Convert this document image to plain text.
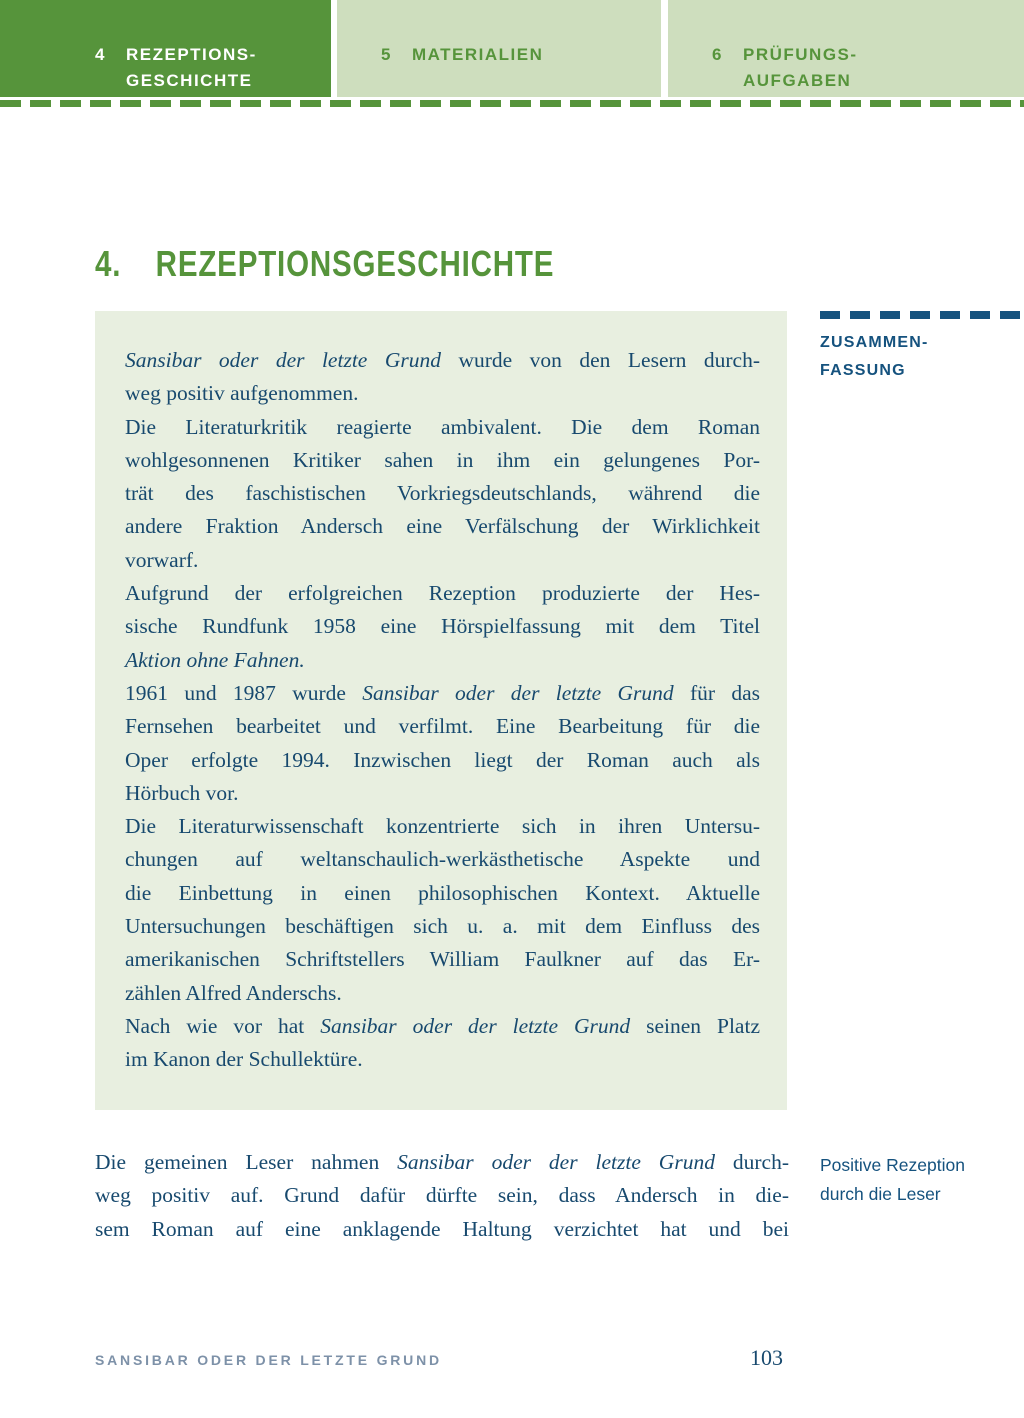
4	REZEPTIONS-
GESCHICHTE
5	MATERIALIEN	6	PRÜFUNGS-
AUFGABEN
4. REZEPTIONSGESCHICHTE
Sansibar oder der letzte Grund wurde von den Lesern durch-
weg positiv aufgenommen.
Die Literaturkritik reagierte ambivalent. Die dem Roman
wohlgesonnenen Kritiker sahen in ihm ein gelungenes Por-
trät des faschistischen Vorkriegsdeutschlands, während die
andere Fraktion Andersch eine Verfälschung der Wirklichkeit
vorwarf.
Aufgrund der erfolgreichen Rezeption produzierte der Hes-
sische Rundfunk 1958 eine Hörspielfassung mit dem Titel
Aktion ohne Fahnen.
1961 und 1987 wurde Sansibar oder der letzte Grund für das
Fernsehen bearbeitet und verfilmt. Eine Bearbeitung für die
Oper erfolgte 1994. Inzwischen liegt der Roman auch als
Hörbuch vor.
Die Literaturwissenschaft konzentrierte sich in ihren Untersu-
chungen auf weltanschaulich-werkästhetische Aspekte und
die Einbettung in einen philosophischen Kontext. Aktuelle
Untersuchungen beschäftigen sich u. a. mit dem Einfluss des
amerikanischen Schriftstellers William Faulkner auf das Er-
zählen Alfred Anderschs.
Nach wie vor hat Sansibar oder der letzte Grund seinen Platz
im Kanon der Schullektüre.
ZUSAMMEN-
FASSUNG
Die gemeinen Leser nahmen Sansibar oder der letzte Grund durch-
weg positiv auf. Grund dafür dürfte sein, dass Andersch in die-
sem Roman auf eine anklagende Haltung verzichtet hat und bei
Positive Rezeption
durch die Leser
SANSIBAR ODER DER LETZTE GRUND	103
